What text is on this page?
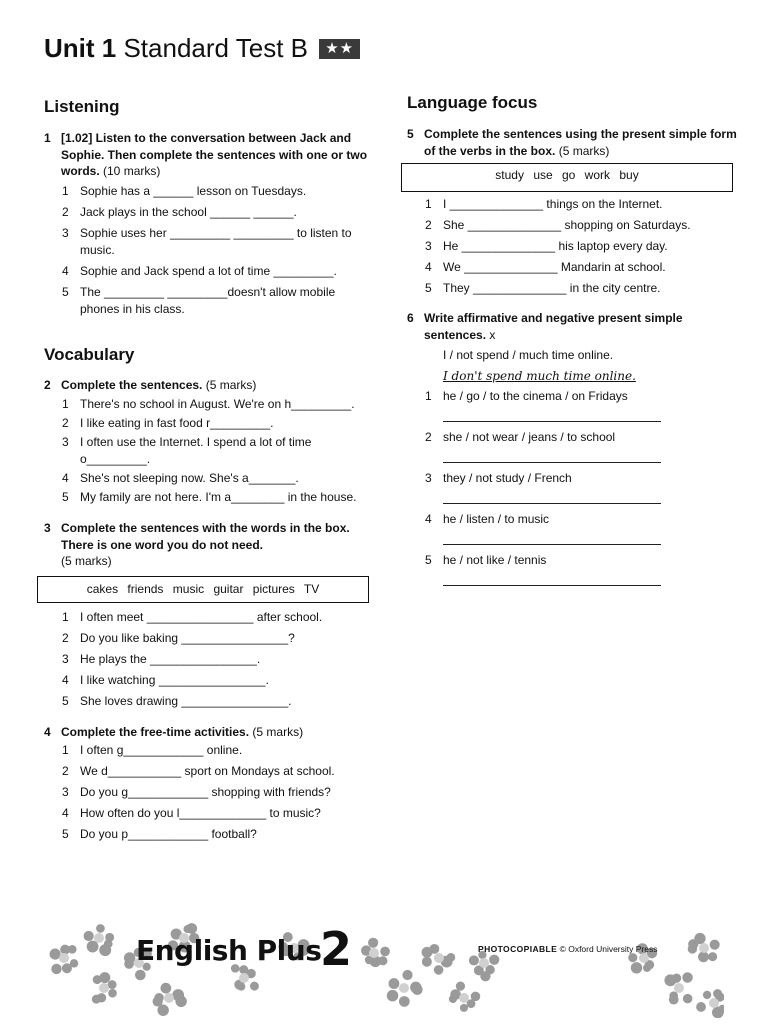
Unit 1 Standard Test B ★★
Listening
1 [1.02] Listen to the conversation between Jack and Sophie. Then complete the sentences with one or two words. (10 marks)
1 Sophie has a ______ lesson on Tuesdays.
2 Jack plays in the school ______ ______.
3 Sophie uses her _________ _________ to listen to music.
4 Sophie and Jack spend a lot of time _________.
5 The _________ _________doesn't allow mobile phones in his class.
Vocabulary
2 Complete the sentences. (5 marks)
1 There's no school in August. We're on h_________.
2 I like eating in fast food r_________.
3 I often use the Internet. I spend a lot of time o_________.
4 She's not sleeping now. She's a_______.
5 My family are not here. I'm a________ in the house.
3 Complete the sentences with the words in the box. There is one word you do not need.
(5 marks)
cakes friends music guitar pictures TV
1 I often meet ________________ after school.
2 Do you like baking ________________?
3 He plays the ________________.
4 I like watching ________________.
5 She loves drawing ________________.
4 Complete the free-time activities. (5 marks)
1 I often g____________ online.
2 We d___________ sport on Mondays at school.
3 Do you g____________ shopping with friends?
4 How often do you l_____________ to music?
5 Do you p____________ football?
Language focus
5 Complete the sentences using the present simple form of the verbs in the box. (5 marks)
study use go work buy
1 I ______________ things on the Internet.
2 She ______________ shopping on Saturdays.
3 He ______________ his laptop every day.
4 We ______________ Mandarin at school.
5 They ______________ in the city centre.
6 Write affirmative and negative present simple sentences. x
I / not spend / much time online.
I don't spend much time online.
1 he / go / to the cinema / on Fridays
2 she / not wear / jeans / to school
3 they / not study / French
4 he / listen / to music
5 he / not like / tennis
English Plus
2	PHOTOCOPIABLE © Oxford University Press
